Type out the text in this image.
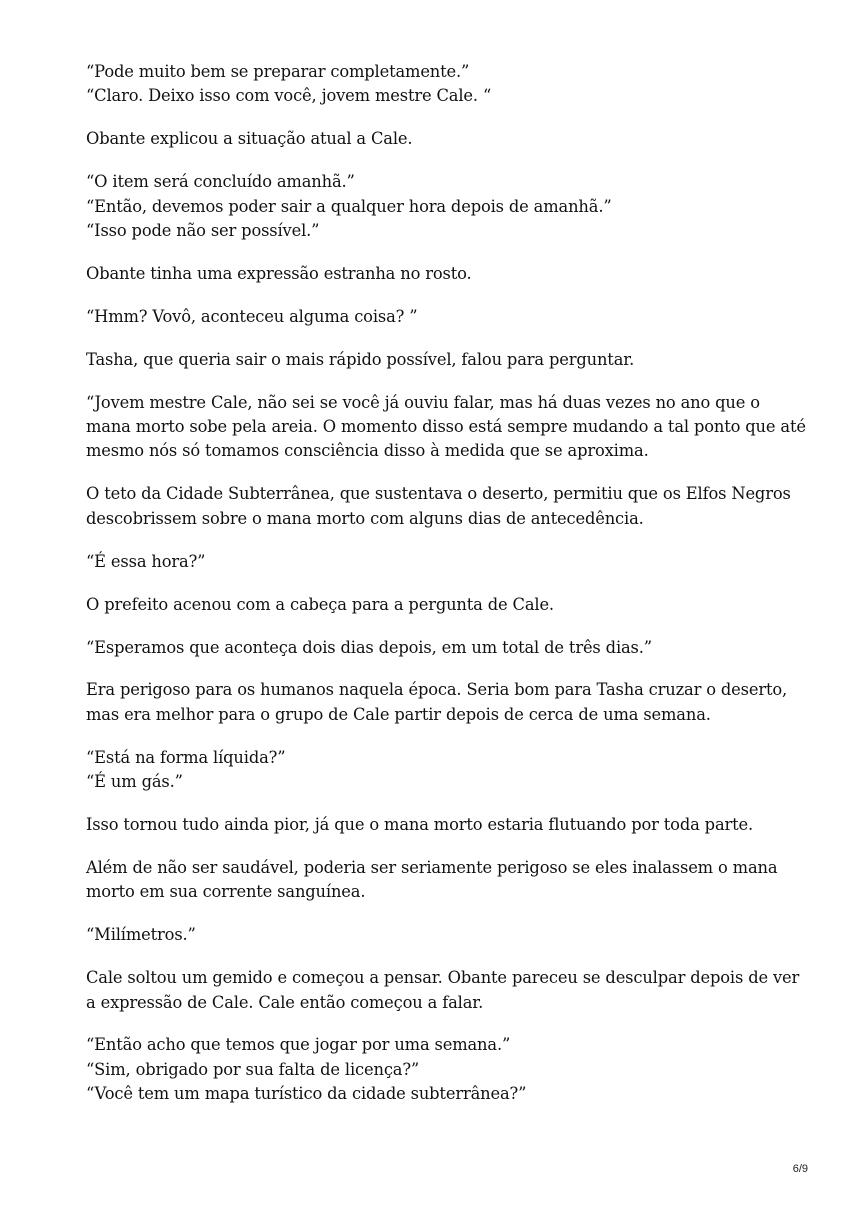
“Pode muito bem se preparar completamente.”
“Claro. Deixo isso com você, jovem mestre Cale. “

Obante explicou a situação atual a Cale.

“O item será concluído amanhã.”
“Então, devemos poder sair a qualquer hora depois de amanhã.”
“Isso pode não ser possível.”

Obante tinha uma expressão estranha no rosto.

“Hmm? Vovô, aconteceu alguma coisa? ”

Tasha, que queria sair o mais rápido possível, falou para perguntar.

“Jovem mestre Cale, não sei se você já ouviu falar, mas há duas vezes no ano que o
mana morto sobe pela areia. O momento disso está sempre mudando a tal ponto que até
mesmo nós só tomamos consciência disso à medida que se aproxima.

O teto da Cidade Subterrânea, que sustentava o deserto, permitiu que os Elfos Negros
descobrissem sobre o mana morto com alguns dias de antecedência.

“É essa hora?”

O prefeito acenou com a cabeça para a pergunta de Cale.

“Esperamos que aconteça dois dias depois, em um total de três dias.”

Era perigoso para os humanos naquela época. Seria bom para Tasha cruzar o deserto,
mas era melhor para o grupo de Cale partir depois de cerca de uma semana.

“Está na forma líquida?”
“É um gás.”

Isso tornou tudo ainda pior, já que o mana morto estaria flutuando por toda parte.

Além de não ser saudável, poderia ser seriamente perigoso se eles inalassem o mana
morto em sua corrente sanguínea.

“Milímetros.”

Cale soltou um gemido e começou a pensar. Obante pareceu se desculpar depois de ver
a expressão de Cale. Cale então começou a falar.

“Então acho que temos que jogar por uma semana.”
“Sim, obrigado por sua falta de licença?”
“Você tem um mapa turístico da cidade subterrânea?”

6/9
